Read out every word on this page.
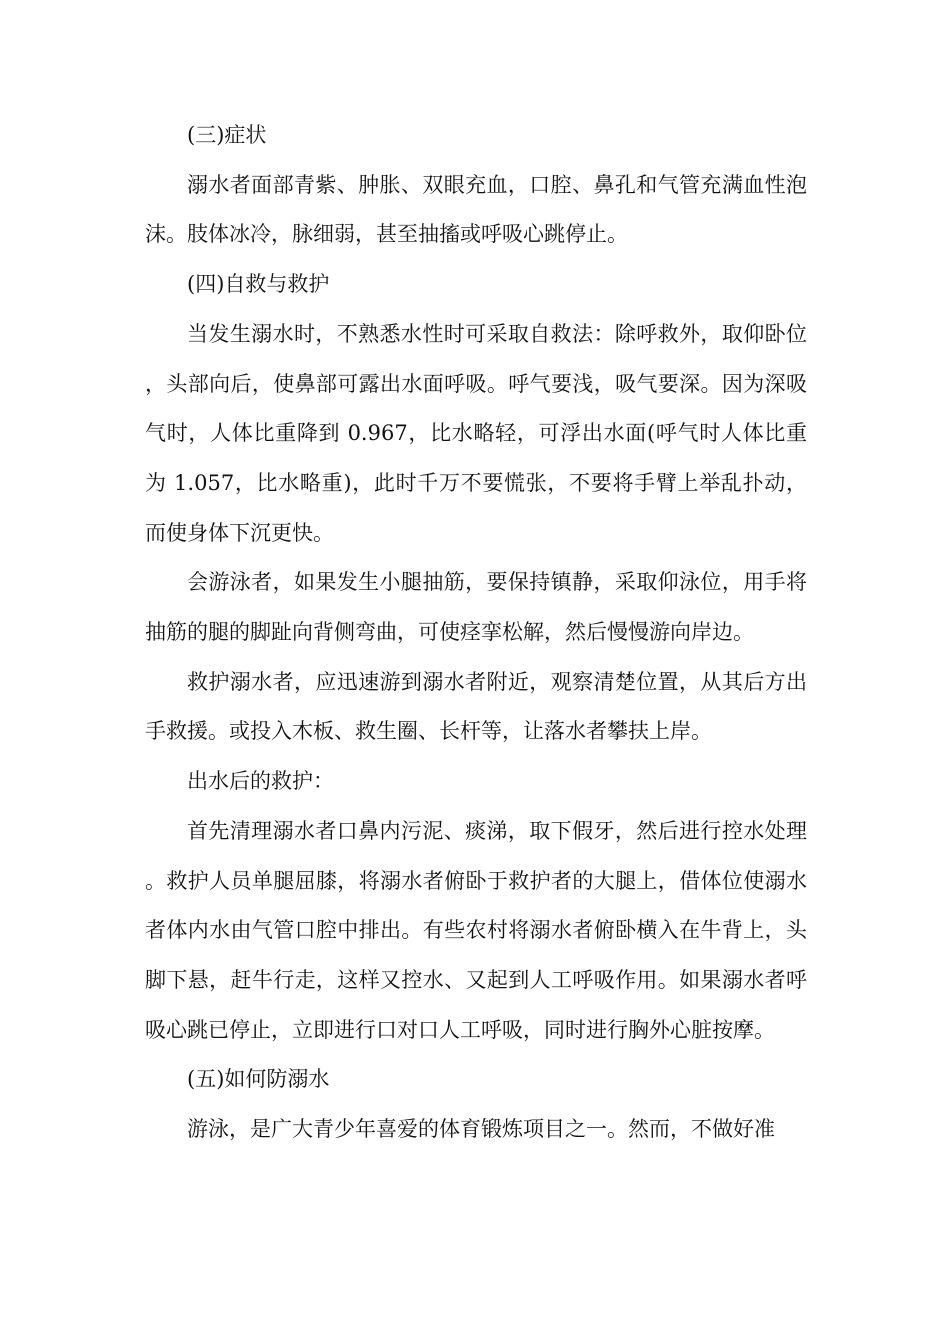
(三)症状

溺水者面部青紫、肿胀、双眼充血，口腔、鼻孔和气管充满血性泡沫。肢体冰冷，脉细弱，甚至抽搐或呼吸心跳停止。

(四)自救与救护

当发生溺水时，不熟悉水性时可采取自救法：除呼救外，取仰卧位，头部向后，使鼻部可露出水面呼吸。呼气要浅，吸气要深。因为深吸气时，人体比重降到 0.967，比水略轻，可浮出水面(呼气时人体比重为 1.057，比水略重)，此时千万不要慌张，不要将手臂上举乱扑动，而使身体下沉更快。

会游泳者，如果发生小腿抽筋，要保持镇静，采取仰泳位，用手将抽筋的腿的脚趾向背侧弯曲，可使痉挛松解，然后慢慢游向岸边。

救护溺水者，应迅速游到溺水者附近，观察清楚位置，从其后方出手救援。或投入木板、救生圈、长杆等，让落水者攀扶上岸。

出水后的救护：

首先清理溺水者口鼻内污泥、痰涕，取下假牙，然后进行控水处理。救护人员单腿屈膝，将溺水者俯卧于救护者的大腿上，借体位使溺水者体内水由气管口腔中排出。有些农村将溺水者俯卧横入在牛背上，头脚下悬，赶牛行走，这样又控水、又起到人工呼吸作用。如果溺水者呼吸心跳已停止，立即进行口对口人工呼吸，同时进行胸外心脏按摩。

(五)如何防溺水

游泳，是广大青少年喜爱的体育锻炼项目之一。然而，不做好准
